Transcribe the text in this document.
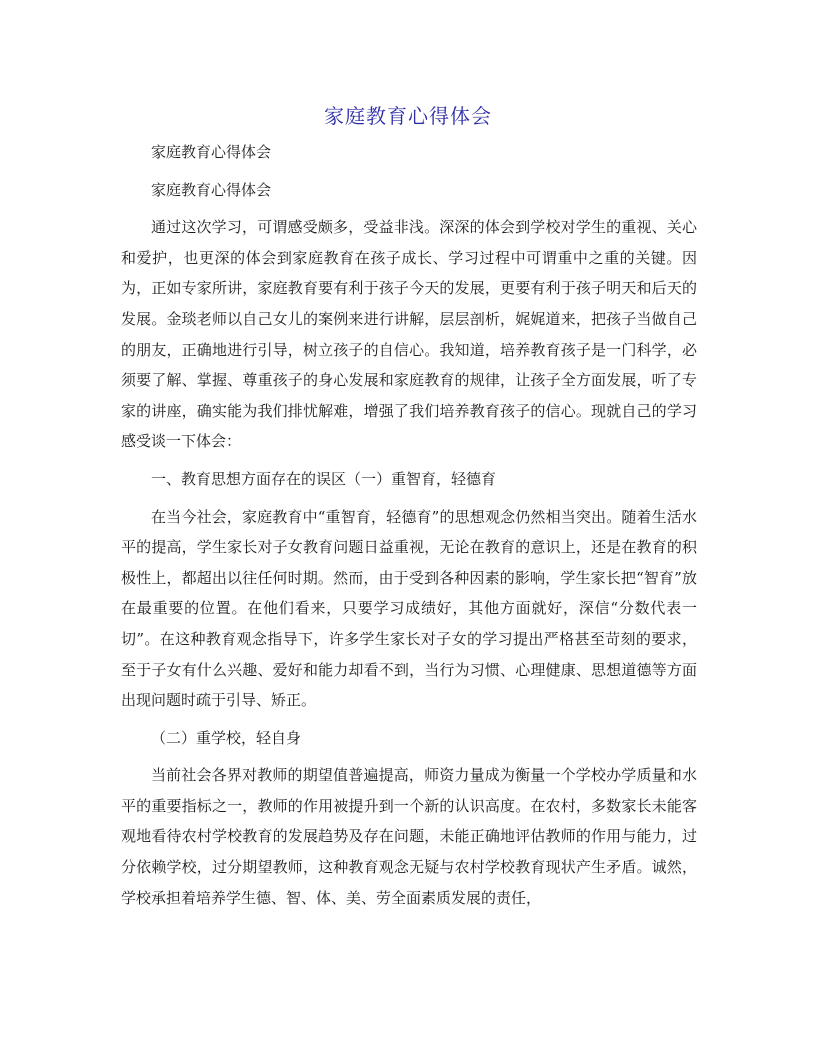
家庭教育心得体会

家庭教育心得体会

家庭教育心得体会

通过这次学习，可谓感受颇多，受益非浅。深深的体会到学校对学生的重视、关心和爱护，也更深的体会到家庭教育在孩子成长、学习过程中可谓重中之重的关键。因为，正如专家所讲，家庭教育要有利于孩子今天的发展，更要有利于孩子明天和后天的发展。金琰老师以自己女儿的案例来进行讲解，层层剖析，娓娓道来，把孩子当做自己的朋友，正确地进行引导，树立孩子的自信心。我知道，培养教育孩子是一门科学，必须要了解、掌握、尊重孩子的身心发展和家庭教育的规律，让孩子全方面发展，听了专家的讲座，确实能为我们排忧解难，增强了我们培养教育孩子的信心。现就自己的学习感受谈一下体会：

一、教育思想方面存在的误区（一）重智育，轻德育

在当今社会，家庭教育中“重智育，轻德育”的思想观念仍然相当突出。随着生活水平的提高，学生家长对子女教育问题日益重视，无论在教育的意识上，还是在教育的积极性上，都超出以往任何时期。然而，由于受到各种因素的影响，学生家长把“智育”放在最重要的位置。在他们看来，只要学习成绩好，其他方面就好，深信“分数代表一切”。在这种教育观念指导下，许多学生家长对子女的学习提出严格甚至苛刻的要求，至于子女有什么兴趣、爱好和能力却看不到，当行为习惯、心理健康、思想道德等方面出现问题时疏于引导、矫正。

（二）重学校，轻自身

当前社会各界对教师的期望值普遍提高，师资力量成为衡量一个学校办学质量和水平的重要指标之一，教师的作用被提升到一个新的认识高度。在农村，多数家长未能客观地看待农村学校教育的发展趋势及存在问题，未能正确地评估教师的作用与能力，过分依赖学校，过分期望教师，这种教育观念无疑与农村学校教育现状产生矛盾。诚然，学校承担着培养学生德、智、体、美、劳全面素质发展的责任，
